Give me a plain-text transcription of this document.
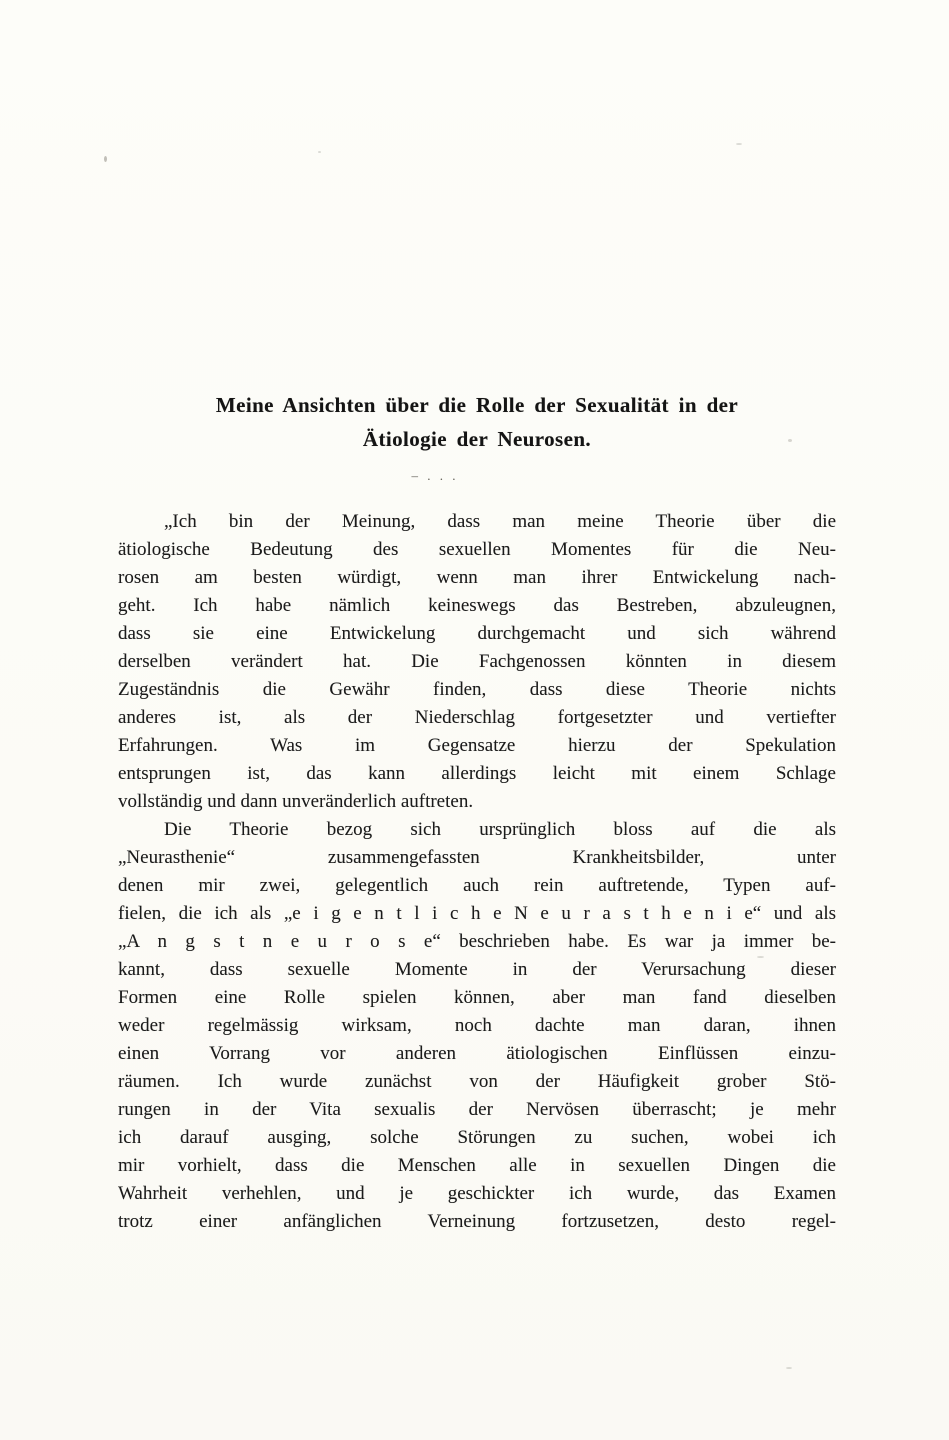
Meine Ansichten über die Rolle der Sexualität in der
Ätiologie der Neurosen.
– . . .
„Ich bin der Meinung, dass man meine Theorie über die
ätiologische Bedeutung des sexuellen Momentes für die Neu-
rosen am besten würdigt, wenn man ihrer Entwickelung nach-
geht. Ich habe nämlich keineswegs das Bestreben, abzuleugnen,
dass sie eine Entwickelung durchgemacht und sich während
derselben verändert hat. Die Fachgenossen könnten in diesem
Zugeständnis die Gewähr finden, dass diese Theorie nichts
anderes ist, als der Niederschlag fortgesetzter und vertiefter
Erfahrungen. Was im Gegensatze hierzu der Spekulation
entsprungen ist, das kann allerdings leicht mit einem Schlage
vollständig und dann unveränderlich auftreten.
Die Theorie bezog sich ursprünglich bloss auf die als
„Neurasthenie“ zusammengefassten Krankheitsbilder, unter
denen mir zwei, gelegentlich auch rein auftretende, Typen auf-
fielen, die ich als „e i g e n t l i c h e N e u r a s t h e n i e“ und als
„A n g s t n e u r o s e“ beschrieben habe. Es war ja immer be-
kannt, dass sexuelle Momente in der Verursachung dieser
Formen eine Rolle spielen können, aber man fand dieselben
weder regelmässig wirksam, noch dachte man daran, ihnen
einen Vorrang vor anderen ätiologischen Einflüssen einzu-
räumen. Ich wurde zunächst von der Häufigkeit grober Stö-
rungen in der Vita sexualis der Nervösen überrascht; je mehr
ich darauf ausging, solche Störungen zu suchen, wobei ich
mir vorhielt, dass die Menschen alle in sexuellen Dingen die
Wahrheit verhehlen, und je geschickter ich wurde, das Examen
trotz einer anfänglichen Verneinung fortzusetzen, desto regel-
